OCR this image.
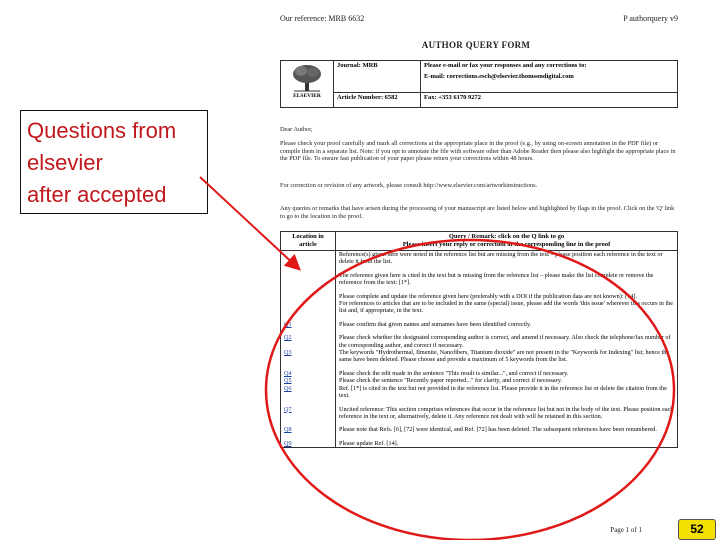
Our reference: MRB 6632	P authorquery v9
AUTHOR QUERY FORM
ELSEVIER	Journal: MRB	Please e-mail or fax your responses and any corrections to:
E-mail: corrections.esch@elsevier.thomsondigital.com

	Article Number: 6582	Fax: +353 6170 9272
Dear Author,
Please check your proof carefully and mark all corrections at the appropriate place in the proof (e.g., by using on-screen annotation in the PDF file) or compile them in a separate list. Note: if you opt to annotate the file with software other than Adobe Reader then please also highlight the appropriate place in the PDF file. To ensure fast publication of your paper please return your corrections within 48 hours.
For correction or revision of any artwork, please consult http://www.elsevier.com/artworkinstructions.
Any queries or remarks that have arisen during the processing of your manuscript are listed below and highlighted by flags in the proof. Click on the 'Q' link to go to the location in the proof.
Location in article	Query / Remark: click on the Q link to go
Please insert your reply or correction at the corresponding line in the proof

	Reference(s) given here were noted in the reference list but are missing from the text – please position each reference in the text or delete it from the list.

	The reference given here is cited in the text but is missing from the reference list – please make the list complete or remove the reference from the text: [1*].

	Please complete and update the reference given here (preferably with a DOI if the publication data are not known): [14].
For references to articles that are to be included in the same (special) issue, please add the words 'this issue' wherever this occurs in the list and, if appropriate, in the text.

Q1	Please confirm that given names and surnames have been identified correctly.

Q2	Please check whether the designated corresponding author is correct, and amend if necessary. Also check the telephone/fax number of the corresponding author, and correct if necessary.
Q3	The keywords "Hydrothermal, Ilmenite, Nanofibers, Titanium dioxide" are not present in the "Keywords for Indexing" list; hence the same have been deleted. Please choose and provide a maximum of 5 keywords from the list.

Q4	Please check the edit made in the sentence "This result is similar...", and correct if necessary.
Q5	Please check the sentence "Recently paper reported..." for clarity, and correct if necessary.
Q6	Ref. [1*] is cited in the text but not provided in the reference list. Please provide it in the reference list or delete the citation from the text.

Q7	Uncited reference: This section comprises references that occur in the reference list but not in the body of the text. Please position each reference in the text or, alternatively, delete it. Any reference not dealt with will be retained in this section.

Q8	Please note that Refs. [6], [72] were identical, and Ref. [72] has been deleted. The subsequent references have been renumbered.

Q9	Please update Ref. [14].
Page 1 of 1
Questions from
elsevier
after accepted
52
